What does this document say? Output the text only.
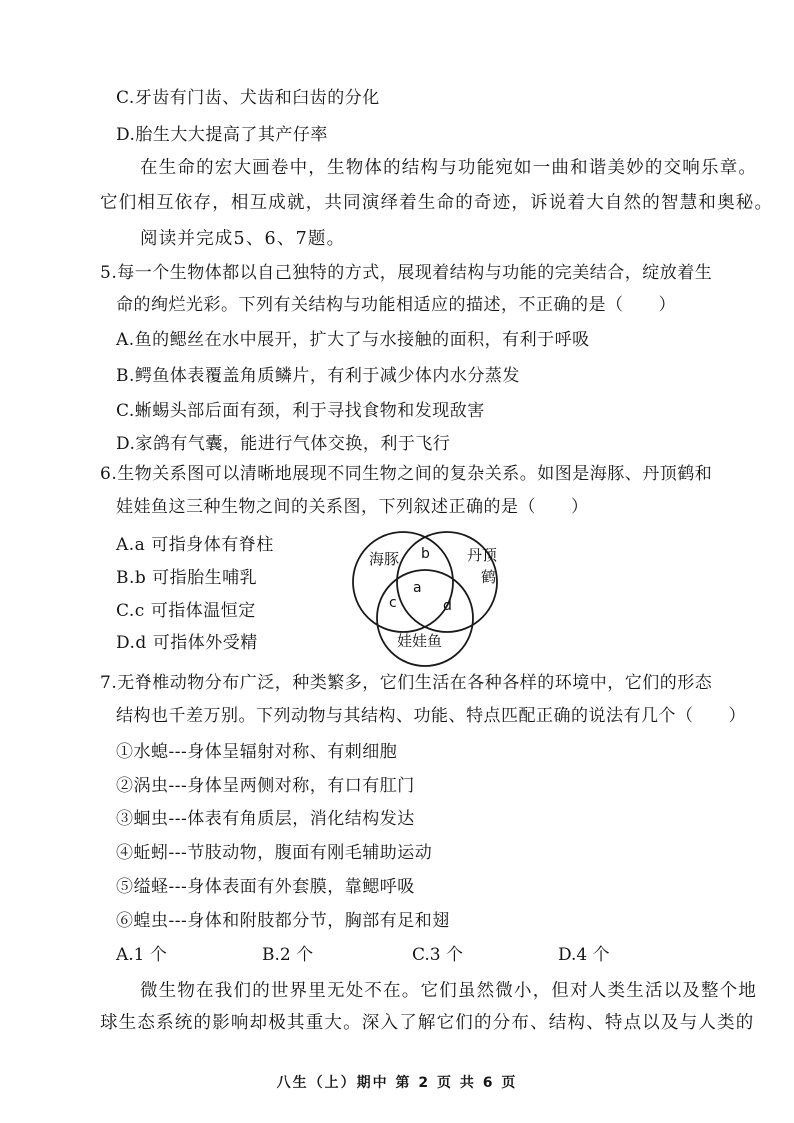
C.牙齿有门齿、犬齿和臼齿的分化
D.胎生大大提高了其产仔率
在生命的宏大画卷中，生物体的结构与功能宛如一曲和谐美妙的交响乐章。
它们相互依存，相互成就，共同演绎着生命的奇迹，诉说着大自然的智慧和奥秘。
阅读并完成5、6、7题。
5.每一个生物体都以自己独特的方式，展现着结构与功能的完美结合，绽放着生
命的绚烂光彩。下列有关结构与功能相适应的描述，不正确的是（　　）
A.鱼的鳃丝在水中展开，扩大了与水接触的面积，有利于呼吸
B.鳄鱼体表覆盖角质鳞片，有利于减少体内水分蒸发
C.蜥蜴头部后面有颈，利于寻找食物和发现敌害
D.家鸽有气囊，能进行气体交换，利于飞行
6.生物关系图可以清晰地展现不同生物之间的复杂关系。如图是海豚、丹顶鹤和
娃娃鱼这三种生物之间的关系图，下列叙述正确的是（　　）
A.a 可指身体有脊柱
B.b 可指胎生哺乳
C.c 可指体温恒定
D.d 可指体外受精
海豚	丹顶
鹤
娃娃鱼
b
a
c	d
7.无脊椎动物分布广泛，种类繁多，它们生活在各种各样的环境中，它们的形态
结构也千差万别。下列动物与其结构、功能、特点匹配正确的说法有几个（　　）
①水螅---身体呈辐射对称、有刺细胞
②涡虫---身体呈两侧对称，有口有肛门
③蛔虫---体表有角质层，消化结构发达
④蚯蚓---节肢动物，腹面有刚毛辅助运动
⑤缢蛏---身体表面有外套膜，靠鳃呼吸
⑥蝗虫---身体和附肢都分节，胸部有足和翅
A.1 个	B.2 个	C.3 个	D.4 个
微生物在我们的世界里无处不在。它们虽然微小，但对人类生活以及整个地
球生态系统的影响却极其重大。深入了解它们的分布、结构、特点以及与人类的
八生（上）期中 第 2 页 共 6 页
